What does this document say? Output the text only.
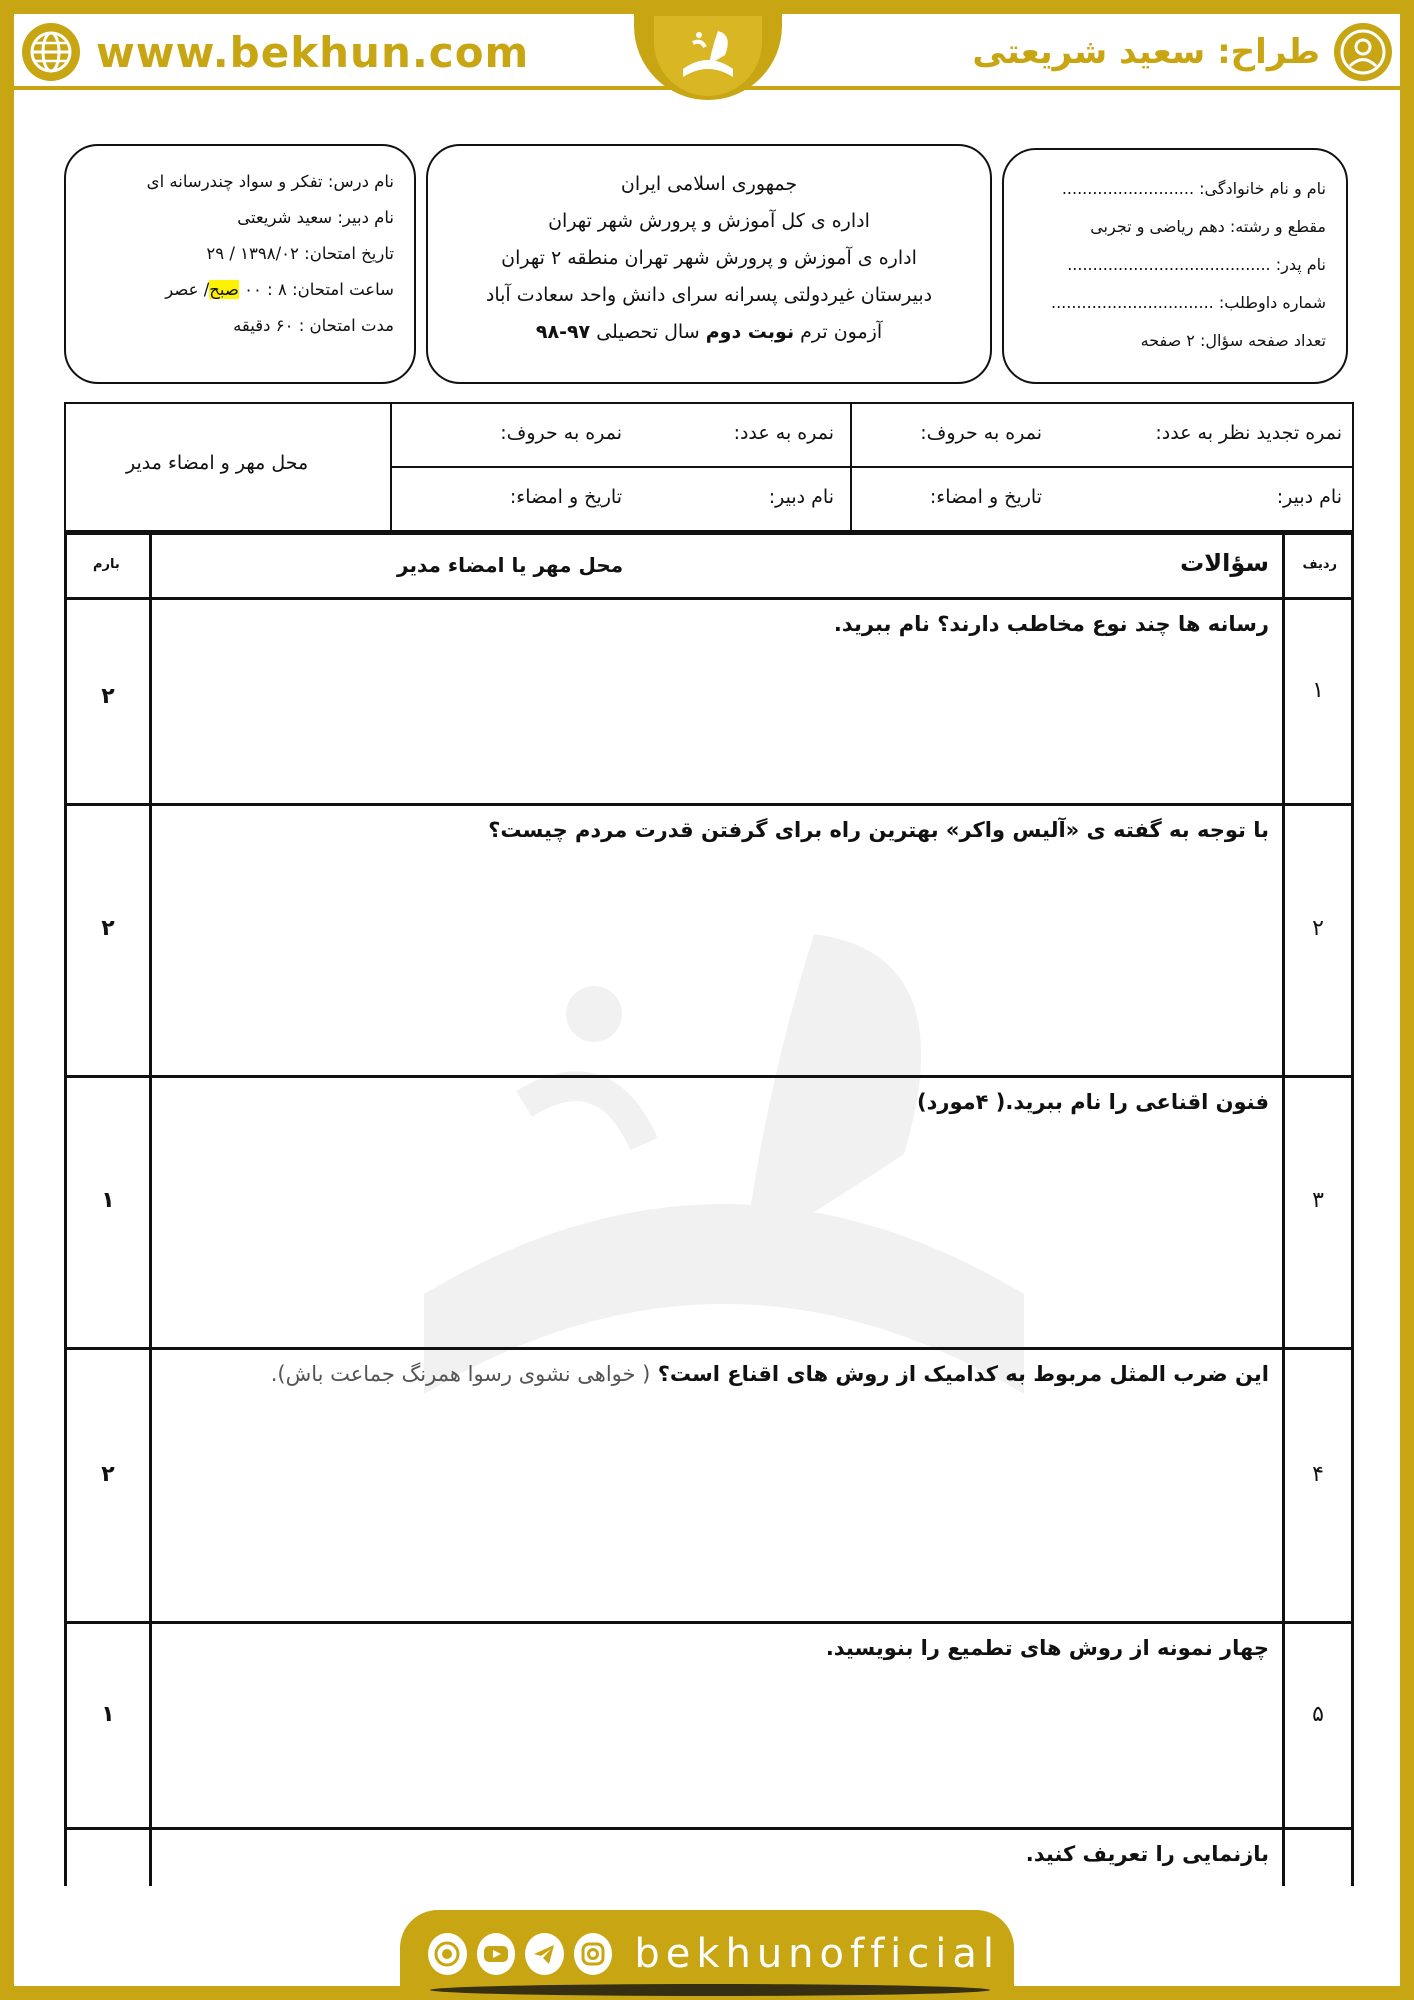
www.bekhun.com	طراح: سعید شریعتی
نام و نام خانوادگی: ..........................
مقطع و رشته: دهم ریاضی و تجربی
نام پدر: ........................................
شماره داوطلب: ................................
تعداد صفحه سؤال: ۲ صفحه
جمهوری اسلامی ایران
اداره ی کل آموزش و پرورش شهر تهران
اداره ی آموزش و پرورش شهر تهران منطقه ۲ تهران
دبیرستان غیردولتی پسرانه سرای دانش واحد سعادت آباد
آزمون ترم نوبت دوم سال تحصیلی ۹۷-۹۸
نام درس: تفکر و سواد چندرسانه ای
نام دبیر: سعید شریعتی
تاریخ امتحان: ۱۳۹۸/۰۲ / ۲۹
ساعت امتحان: ۸ : ۰۰ صبح/ عصر
مدت امتحان : ۶۰ دقیقه
نمره تجدید نظر به عدد:
نمره به حروف:
نام دبیر:
تاریخ و امضاء:
نمره به عدد:
نمره به حروف:
نام دبیر:
تاریخ و امضاء:
محل مهر و امضاء مدیر
ردیف
سؤالات
محل مهر یا امضاء مدیر
بارم
۱
رسانه ها چند نوع مخاطب دارند؟ نام ببرید.
۲
۲
با توجه به گفته ی «آلیس واکر» بهترین راه برای گرفتن قدرت مردم چیست؟
۲
۳
فنون اقناعی را نام ببرید.( ۴مورد)
۱
۴
این ضرب المثل مربوط به کدامیک از روش های اقناع است؟ ( خواهی نشوی رسوا همرنگ جماعت باش).
۲
۵
چهار نمونه از روش های تطمیع را بنویسید.
۱
بازنمایی را تعریف کنید.
bekhunofficial
